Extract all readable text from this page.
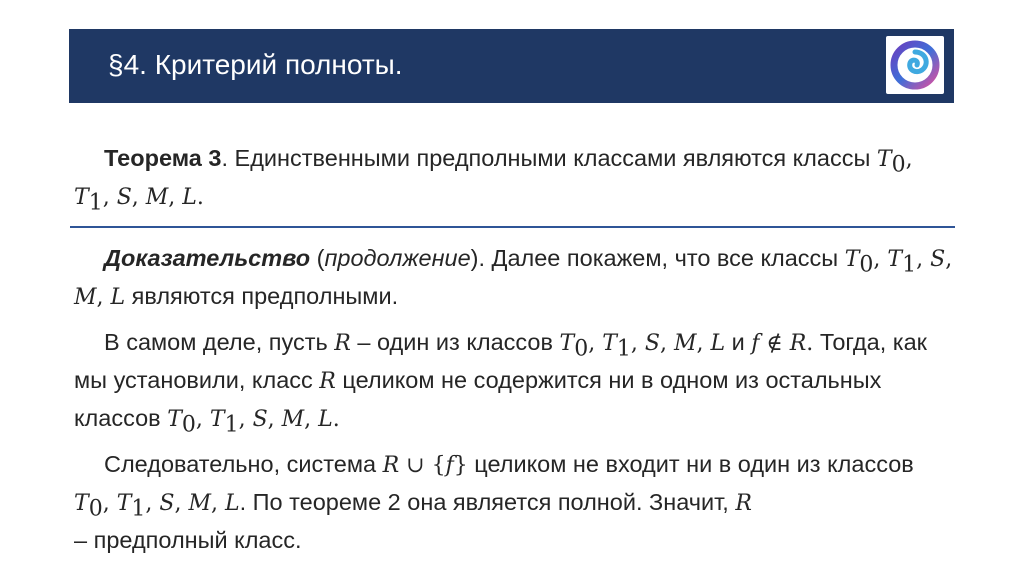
§4. Критерий полноты.

Теорема 3. Единственными предполными классами являются классы $T_0$, $T_1$, S, M, L.

Доказательство (продолжение). Далее покажем, что все классы $T_0$, $T_1$, S, M, L являются предполными.

В самом деле, пусть R – один из классов $T_0$, $T_1$, S, M, L и f ∉ R. Тогда, как мы установили, класс R целиком не содержится ни в одном из остальных классов $T_0$, $T_1$, S, M, L.

Следовательно, система R ∪ {f} целиком не входит ни в один из классов $T_0$, $T_1$, S, M, L. По теореме 2 она является полной. Значит, R
– предполный класс.
